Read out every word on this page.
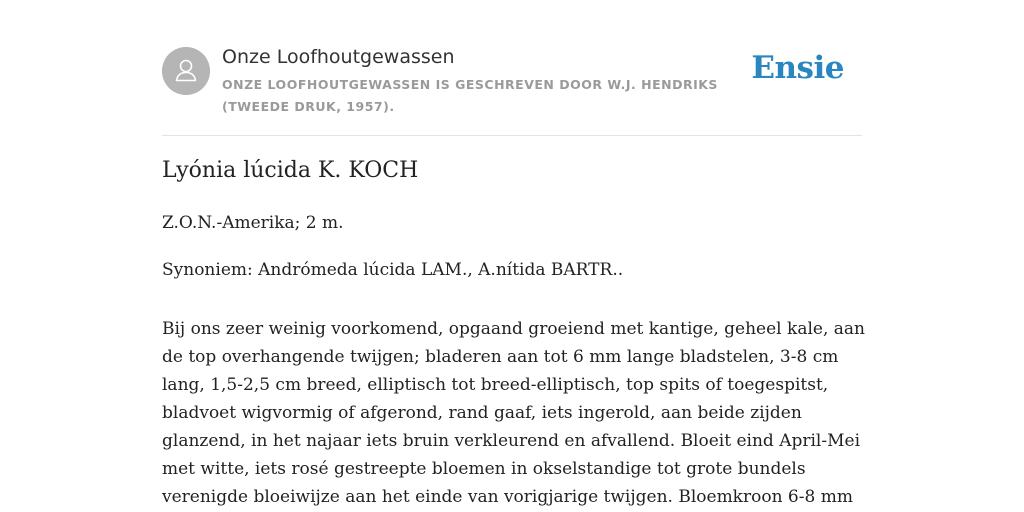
Onze Loofhoutgewassen
ONZE LOOFHOUTGEWASSEN IS GESCHREVEN DOOR W.J. HENDRIKS (TWEEDE DRUK, 1957).
Ensie
Lyónia lúcida K. KOCH

Z.O.N.-Amerika; 2 m.

Synoniem: Andrómeda lúcida LAM., A.nítida BARTR..

Bij ons zeer weinig voorkomend, opgaand groeiend met kantige, geheel kale, aan de top overhangende twijgen; bladeren aan tot 6 mm lange bladstelen, 3-8 cm lang, 1,5-2,5 cm breed, elliptisch tot breed-elliptisch, top spits of toegespitst, bladvoet wigvormig of afgerond, rand gaaf, iets ingerold, aan beide zijden glanzend, in het najaar iets bruin verkleurend en afvallend. Bloeit eind April-Mei met witte, iets rosé gestreepte bloemen in okselstandige tot grote bundels verenigde bloeiwijze aan het einde van vorigjarige twijgen. Bloemkroon 6-8 mm
